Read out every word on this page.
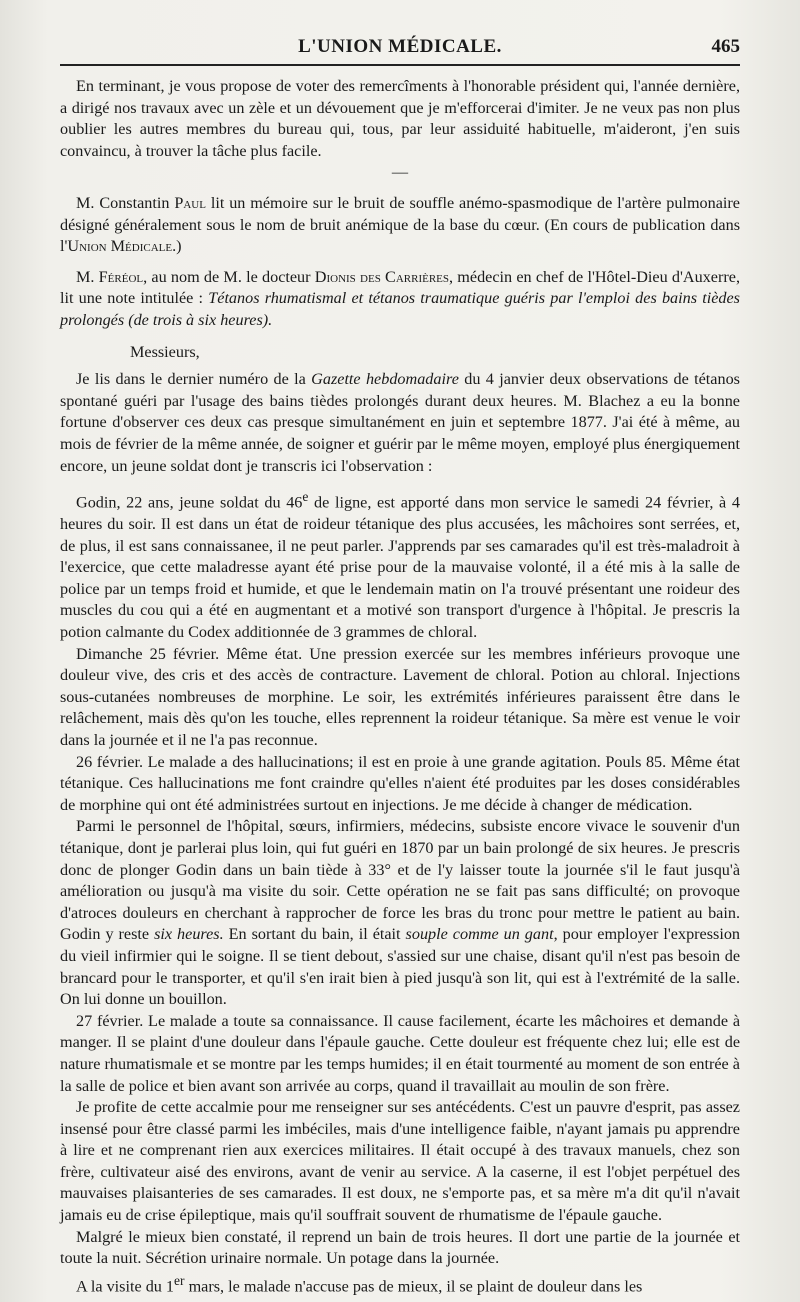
L'UNION MÉDICALE.	465

En terminant, je vous propose de voter des remercîments à l'honorable président qui, l'année dernière, a dirigé nos travaux avec un zèle et un dévouement que je m'efforcerai d'imiter. Je ne veux pas non plus oublier les autres membres du bureau qui, tous, par leur assiduité habituelle, m'aideront, j'en suis convaincu, à trouver la tâche plus facile.

—

M. Constantin Paul lit un mémoire sur le bruit de souffle anémo-spasmodique de l'artère pulmonaire désigné généralement sous le nom de bruit anémique de la base du cœur. (En cours de publication dans l'Union Médicale.)

M. Féréol, au nom de M. le docteur Dionis des Carrières, médecin en chef de l'Hôtel-Dieu d'Auxerre, lit une note intitulée : Tétanos rhumatismal et tétanos traumatique guéris par l'emploi des bains tièdes prolongés (de trois à six heures).

Messieurs,

Je lis dans le dernier numéro de la Gazette hebdomadaire du 4 janvier deux observations de tétanos spontané guéri par l'usage des bains tièdes prolongés durant deux heures. M. Blachez a eu la bonne fortune d'observer ces deux cas presque simultanément en juin et septembre 1877. J'ai été à même, au mois de février de la même année, de soigner et guérir par le même moyen, employé plus énergiquement encore, un jeune soldat dont je transcris ici l'observation :

Godin, 22 ans, jeune soldat du 46e de ligne, est apporté dans mon service le samedi 24 février, à 4 heures du soir. Il est dans un état de roideur tétanique des plus accusées, les mâchoires sont serrées, et, de plus, il est sans connaissanee, il ne peut parler. J'apprends par ses camarades qu'il est très-maladroit à l'exercice, que cette maladresse ayant été prise pour de la mauvaise volonté, il a été mis à la salle de police par un temps froid et humide, et que le lendemain matin on l'a trouvé présentant une roideur des muscles du cou qui a été en augmentant et a motivé son transport d'urgence à l'hôpital. Je prescris la potion calmante du Codex additionnée de 3 grammes de chloral.

Dimanche 25 février. Même état. Une pression exercée sur les membres inférieurs provoque une douleur vive, des cris et des accès de contracture. Lavement de chloral. Potion au chloral. Injections sous-cutanées nombreuses de morphine. Le soir, les extrémités inférieures paraissent être dans le relâchement, mais dès qu'on les touche, elles reprennent la roideur tétanique. Sa mère est venue le voir dans la journée et il ne l'a pas reconnue.

26 février. Le malade a des hallucinations; il est en proie à une grande agitation. Pouls 85. Même état tétanique. Ces hallucinations me font craindre qu'elles n'aient été produites par les doses considérables de morphine qui ont été administrées surtout en injections. Je me décide à changer de médication.

Parmi le personnel de l'hôpital, sœurs, infirmiers, médecins, subsiste encore vivace le souvenir d'un tétanique, dont je parlerai plus loin, qui fut guéri en 1870 par un bain prolongé de six heures. Je prescris donc de plonger Godin dans un bain tiède à 33° et de l'y laisser toute la journée s'il le faut jusqu'à amélioration ou jusqu'à ma visite du soir. Cette opération ne se fait pas sans difficulté; on provoque d'atroces douleurs en cherchant à rapprocher de force les bras du tronc pour mettre le patient au bain. Godin y reste six heures. En sortant du bain, il était souple comme un gant, pour employer l'expression du vieil infirmier qui le soigne. Il se tient debout, s'assied sur une chaise, disant qu'il n'est pas besoin de brancard pour le transporter, et qu'il s'en irait bien à pied jusqu'à son lit, qui est à l'extrémité de la salle. On lui donne un bouillon.

27 février. Le malade a toute sa connaissance. Il cause facilement, écarte les mâchoires et demande à manger. Il se plaint d'une douleur dans l'épaule gauche. Cette douleur est fréquente chez lui; elle est de nature rhumatismale et se montre par les temps humides; il en était tourmenté au moment de son entrée à la salle de police et bien avant son arrivée au corps, quand il travaillait au moulin de son frère.

Je profite de cette accalmie pour me renseigner sur ses antécédents. C'est un pauvre d'esprit, pas assez insensé pour être classé parmi les imbéciles, mais d'une intelligence faible, n'ayant jamais pu apprendre à lire et ne comprenant rien aux exercices militaires. Il était occupé à des travaux manuels, chez son frère, cultivateur aisé des environs, avant de venir au service. A la caserne, il est l'objet perpétuel des mauvaises plaisanteries de ses camarades. Il est doux, ne s'emporte pas, et sa mère m'a dit qu'il n'avait jamais eu de crise épileptique, mais qu'il souffrait souvent de rhumatisme de l'épaule gauche.

Malgré le mieux bien constaté, il reprend un bain de trois heures. Il dort une partie de la journée et toute la nuit. Sécrétion urinaire normale. Un potage dans la journée.

A la visite du 1er mars, le malade n'accuse pas de mieux, il se plaint de douleur dans les
